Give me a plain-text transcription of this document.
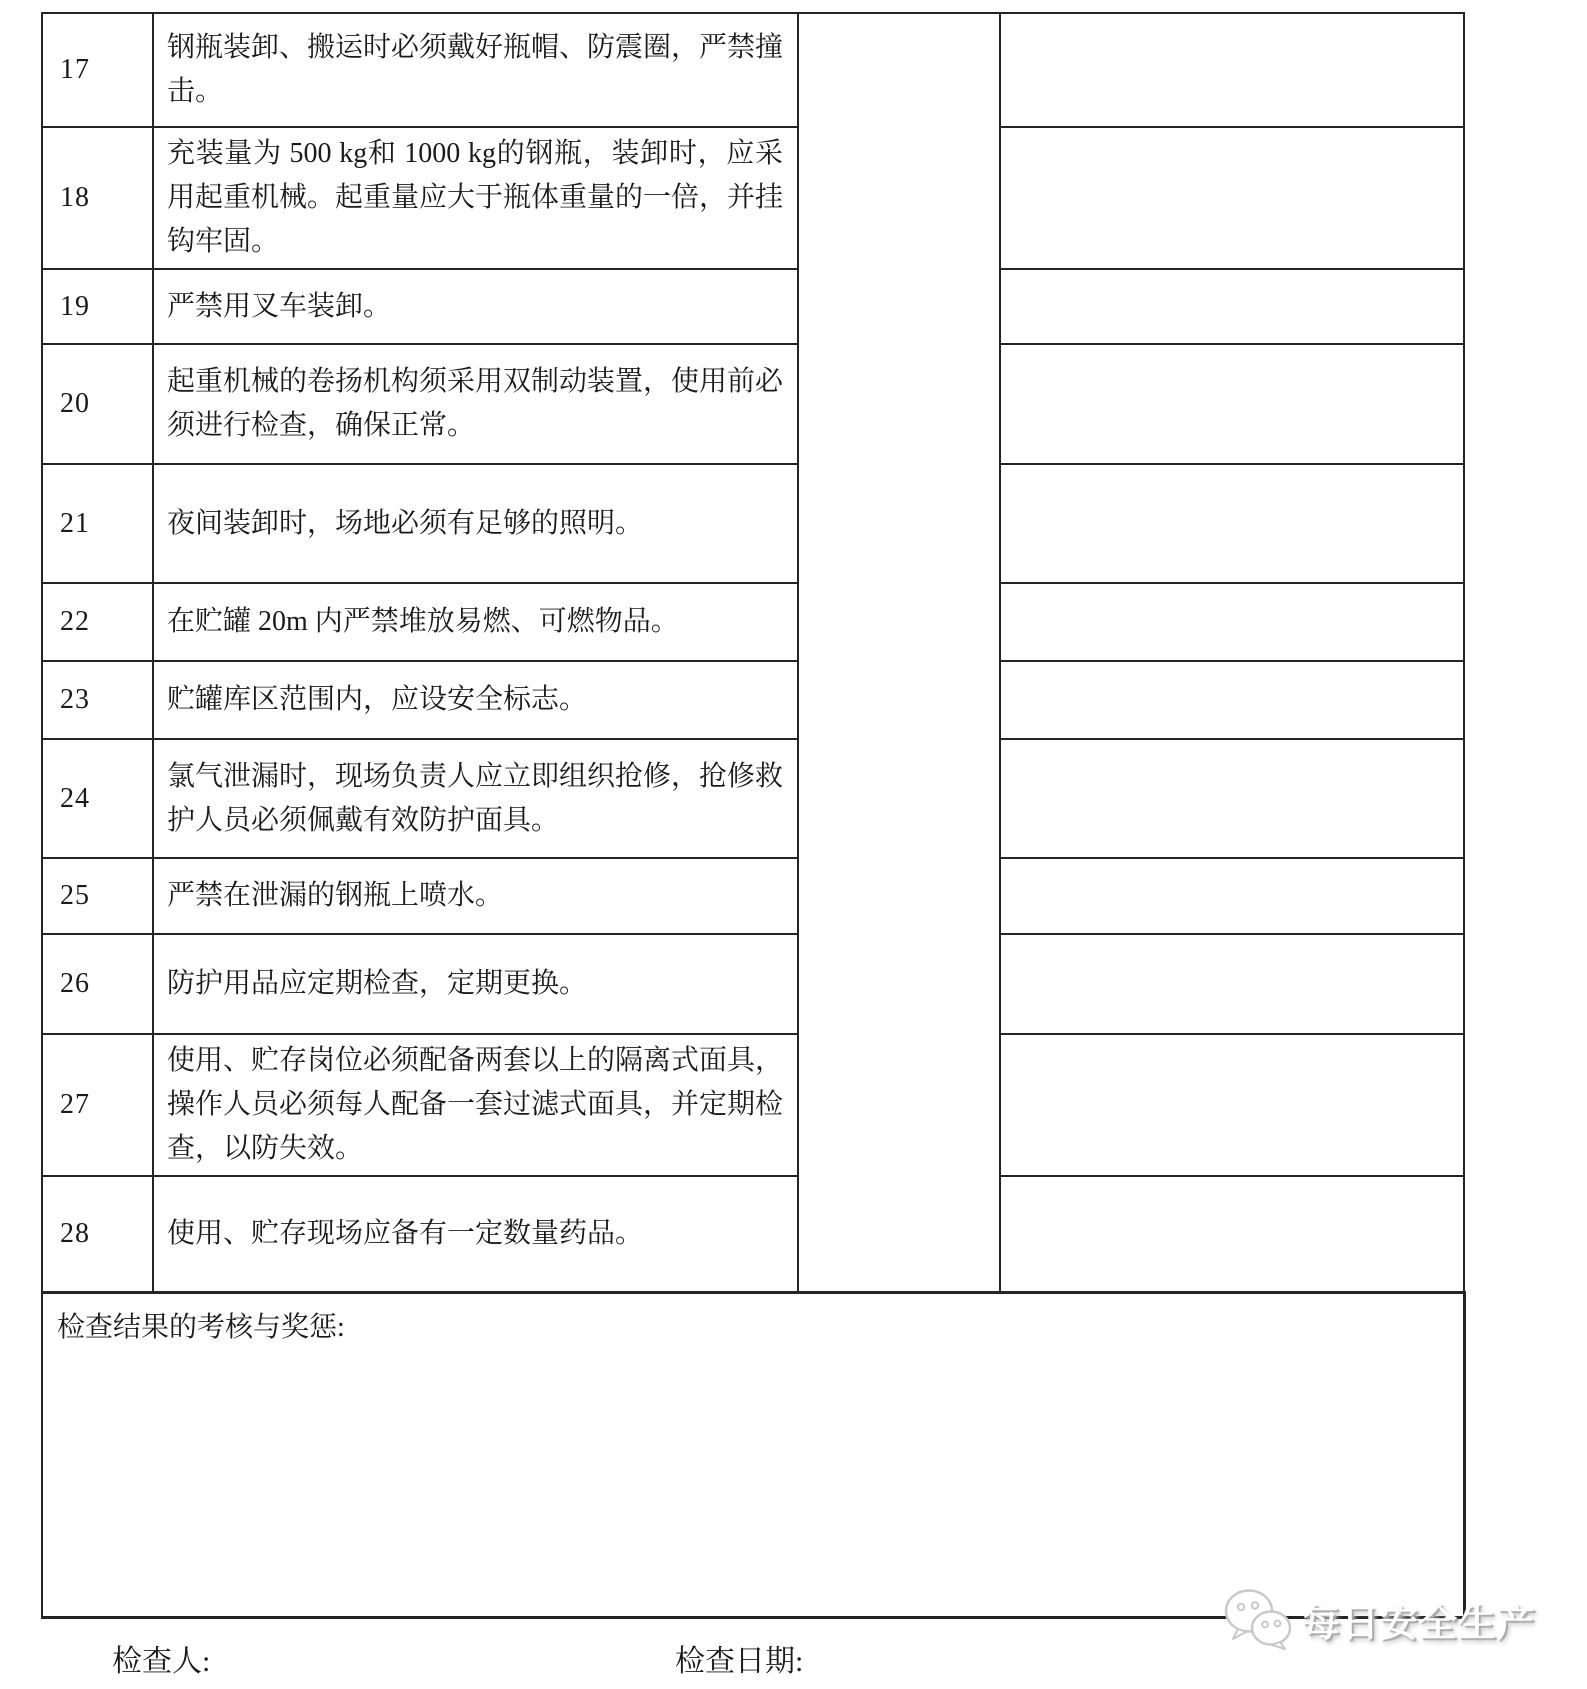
17	钢瓶装卸、搬运时必须戴好瓶帽、防震圈，严禁撞击。		
18	充装量为 500 kg和 1000 kg的钢瓶，装卸时，应采用起重机械。起重量应大于瓶体重量的一倍，并挂钩牢固。		
19	严禁用叉车装卸。		
20	起重机械的卷扬机构须采用双制动装置，使用前必须进行检查，确保正常。		
21	夜间装卸时，场地必须有足够的照明。		
22	在贮罐 20m 内严禁堆放易燃、可燃物品。		
23	贮罐库区范围内，应设安全标志。		
24	氯气泄漏时，现场负责人应立即组织抢修，抢修救护人员必须佩戴有效防护面具。		
25	严禁在泄漏的钢瓶上喷水。		
26	防护用品应定期检查，定期更换。		
27	使用、贮存岗位必须配备两套以上的隔离式面具，操作人员必须每人配备一套过滤式面具，并定期检查，以防失效。		
28	使用、贮存现场应备有一定数量药品。		
检查结果的考核与奖惩:			
检查人:	检查日期:
每日安全生产
